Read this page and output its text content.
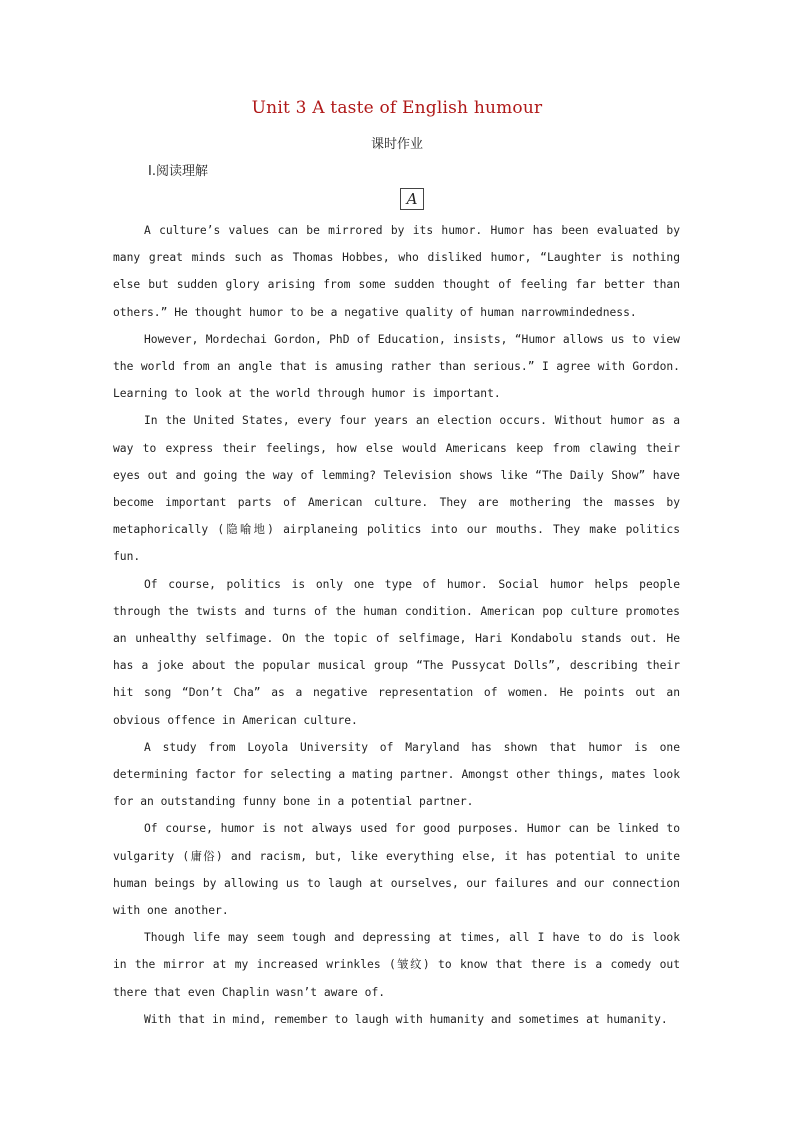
Unit 3 A taste of English humour
课时作业
Ⅰ.阅读理解
A

A culture’s values can be mirrored by its humor. Humor has been evaluated by many great minds such as Thomas Hobbes, who disliked humor, “Laughter is nothing else but sudden glory arising from some sudden thought of feeling far better than others.” He thought humor to be a negative quality of human narrowmindedness.

However, Mordechai Gordon, PhD of Education, insists, “Humor allows us to view the world from an angle that is amusing rather than serious.” I agree with Gordon. Learning to look at the world through humor is important.

In the United States, every four years an election occurs. Without humor as a way to express their feelings, how else would Americans keep from clawing their eyes out and going the way of lemming? Television shows like “The Daily Show” have become important parts of American culture. They are mothering the masses by metaphorically (隐喻地) airplaneing politics into our mouths. They make politics fun.

Of course, politics is only one type of humor. Social humor helps people through the twists and turns of the human condition. American pop culture promotes an unhealthy selfimage. On the topic of selfimage, Hari Kondabolu stands out. He has a joke about the popular musical group “The Pussycat Dolls”, describing their hit song “Don’t Cha” as a negative representation of women. He points out an obvious offence in American culture.

A study from Loyola University of Maryland has shown that humor is one determining factor for selecting a mating partner. Amongst other things, mates look for an outstanding funny bone in a potential partner.

Of course, humor is not always used for good purposes. Humor can be linked to vulgarity (庸俗) and racism, but, like everything else, it has potential to unite human beings by allowing us to laugh at ourselves, our failures and our connection with one another.

Though life may seem tough and depressing at times, all I have to do is look in the mirror at my increased wrinkles (皱纹) to know that there is a comedy out there that even Chaplin wasn’t aware of.

With that in mind, remember to laugh with humanity and sometimes at humanity.
